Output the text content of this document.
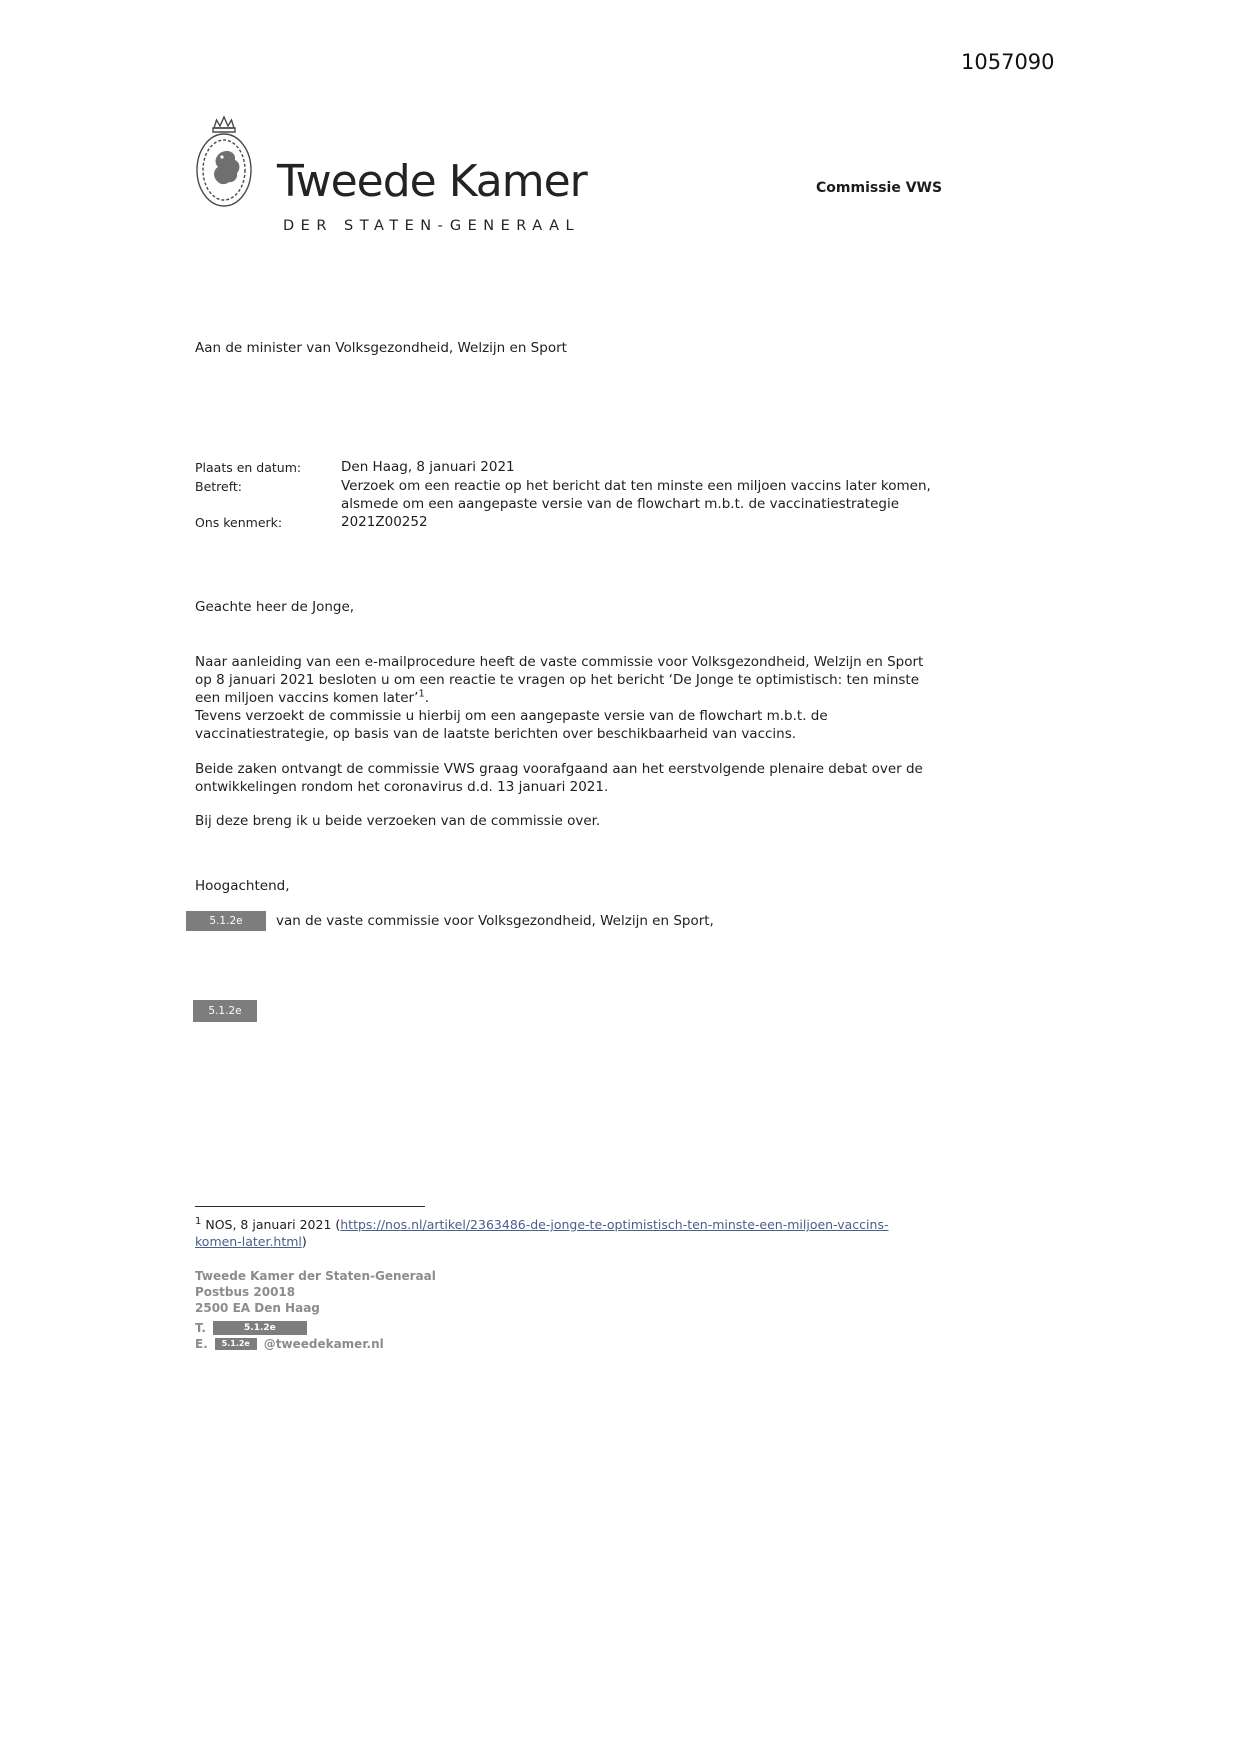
1057090
Tweede Kamer
DER STATEN-GENERAAL
Commissie VWS
Aan de minister van Volksgezondheid, Welzijn en Sport
Plaats en datum:	Den Haag, 8 januari 2021
Betreft:	Verzoek om een reactie op het bericht dat ten minste een miljoen vaccins later komen, alsmede om een aangepaste versie van de flowchart m.b.t. de vaccinatiestrategie
Ons kenmerk:	2021Z00252
Geachte heer de Jonge,
Naar aanleiding van een e-mailprocedure heeft de vaste commissie voor Volksgezondheid, Welzijn en Sport op 8 januari 2021 besloten u om een reactie te vragen op het bericht ‘De Jonge te optimistisch: ten minste een miljoen vaccins komen later’$^1$.
Tevens verzoekt de commissie u hierbij om een aangepaste versie van de flowchart m.b.t. de vaccinatiestrategie, op basis van de laatste berichten over beschikbaarheid van vaccins.
Beide zaken ontvangt de commissie VWS graag voorafgaand aan het eerstvolgende plenaire debat over de ontwikkelingen rondom het coronavirus d.d. 13 januari 2021.
Bij deze breng ik u beide verzoeken van de commissie over.
Hoogachtend,
5.1.2e	van de vaste commissie voor Volksgezondheid, Welzijn en Sport,
5.1.2e
$^1$ NOS, 8 januari 2021 (https://nos.nl/artikel/2363486-de-jonge-te-optimistisch-ten-minste-een-miljoen-vaccins-komen-later.html)
Tweede Kamer der Staten-Generaal
Postbus 20018
2500 EA Den Haag
T.	5.1.2e
E.	5.1.2e	@tweedekamer.nl
